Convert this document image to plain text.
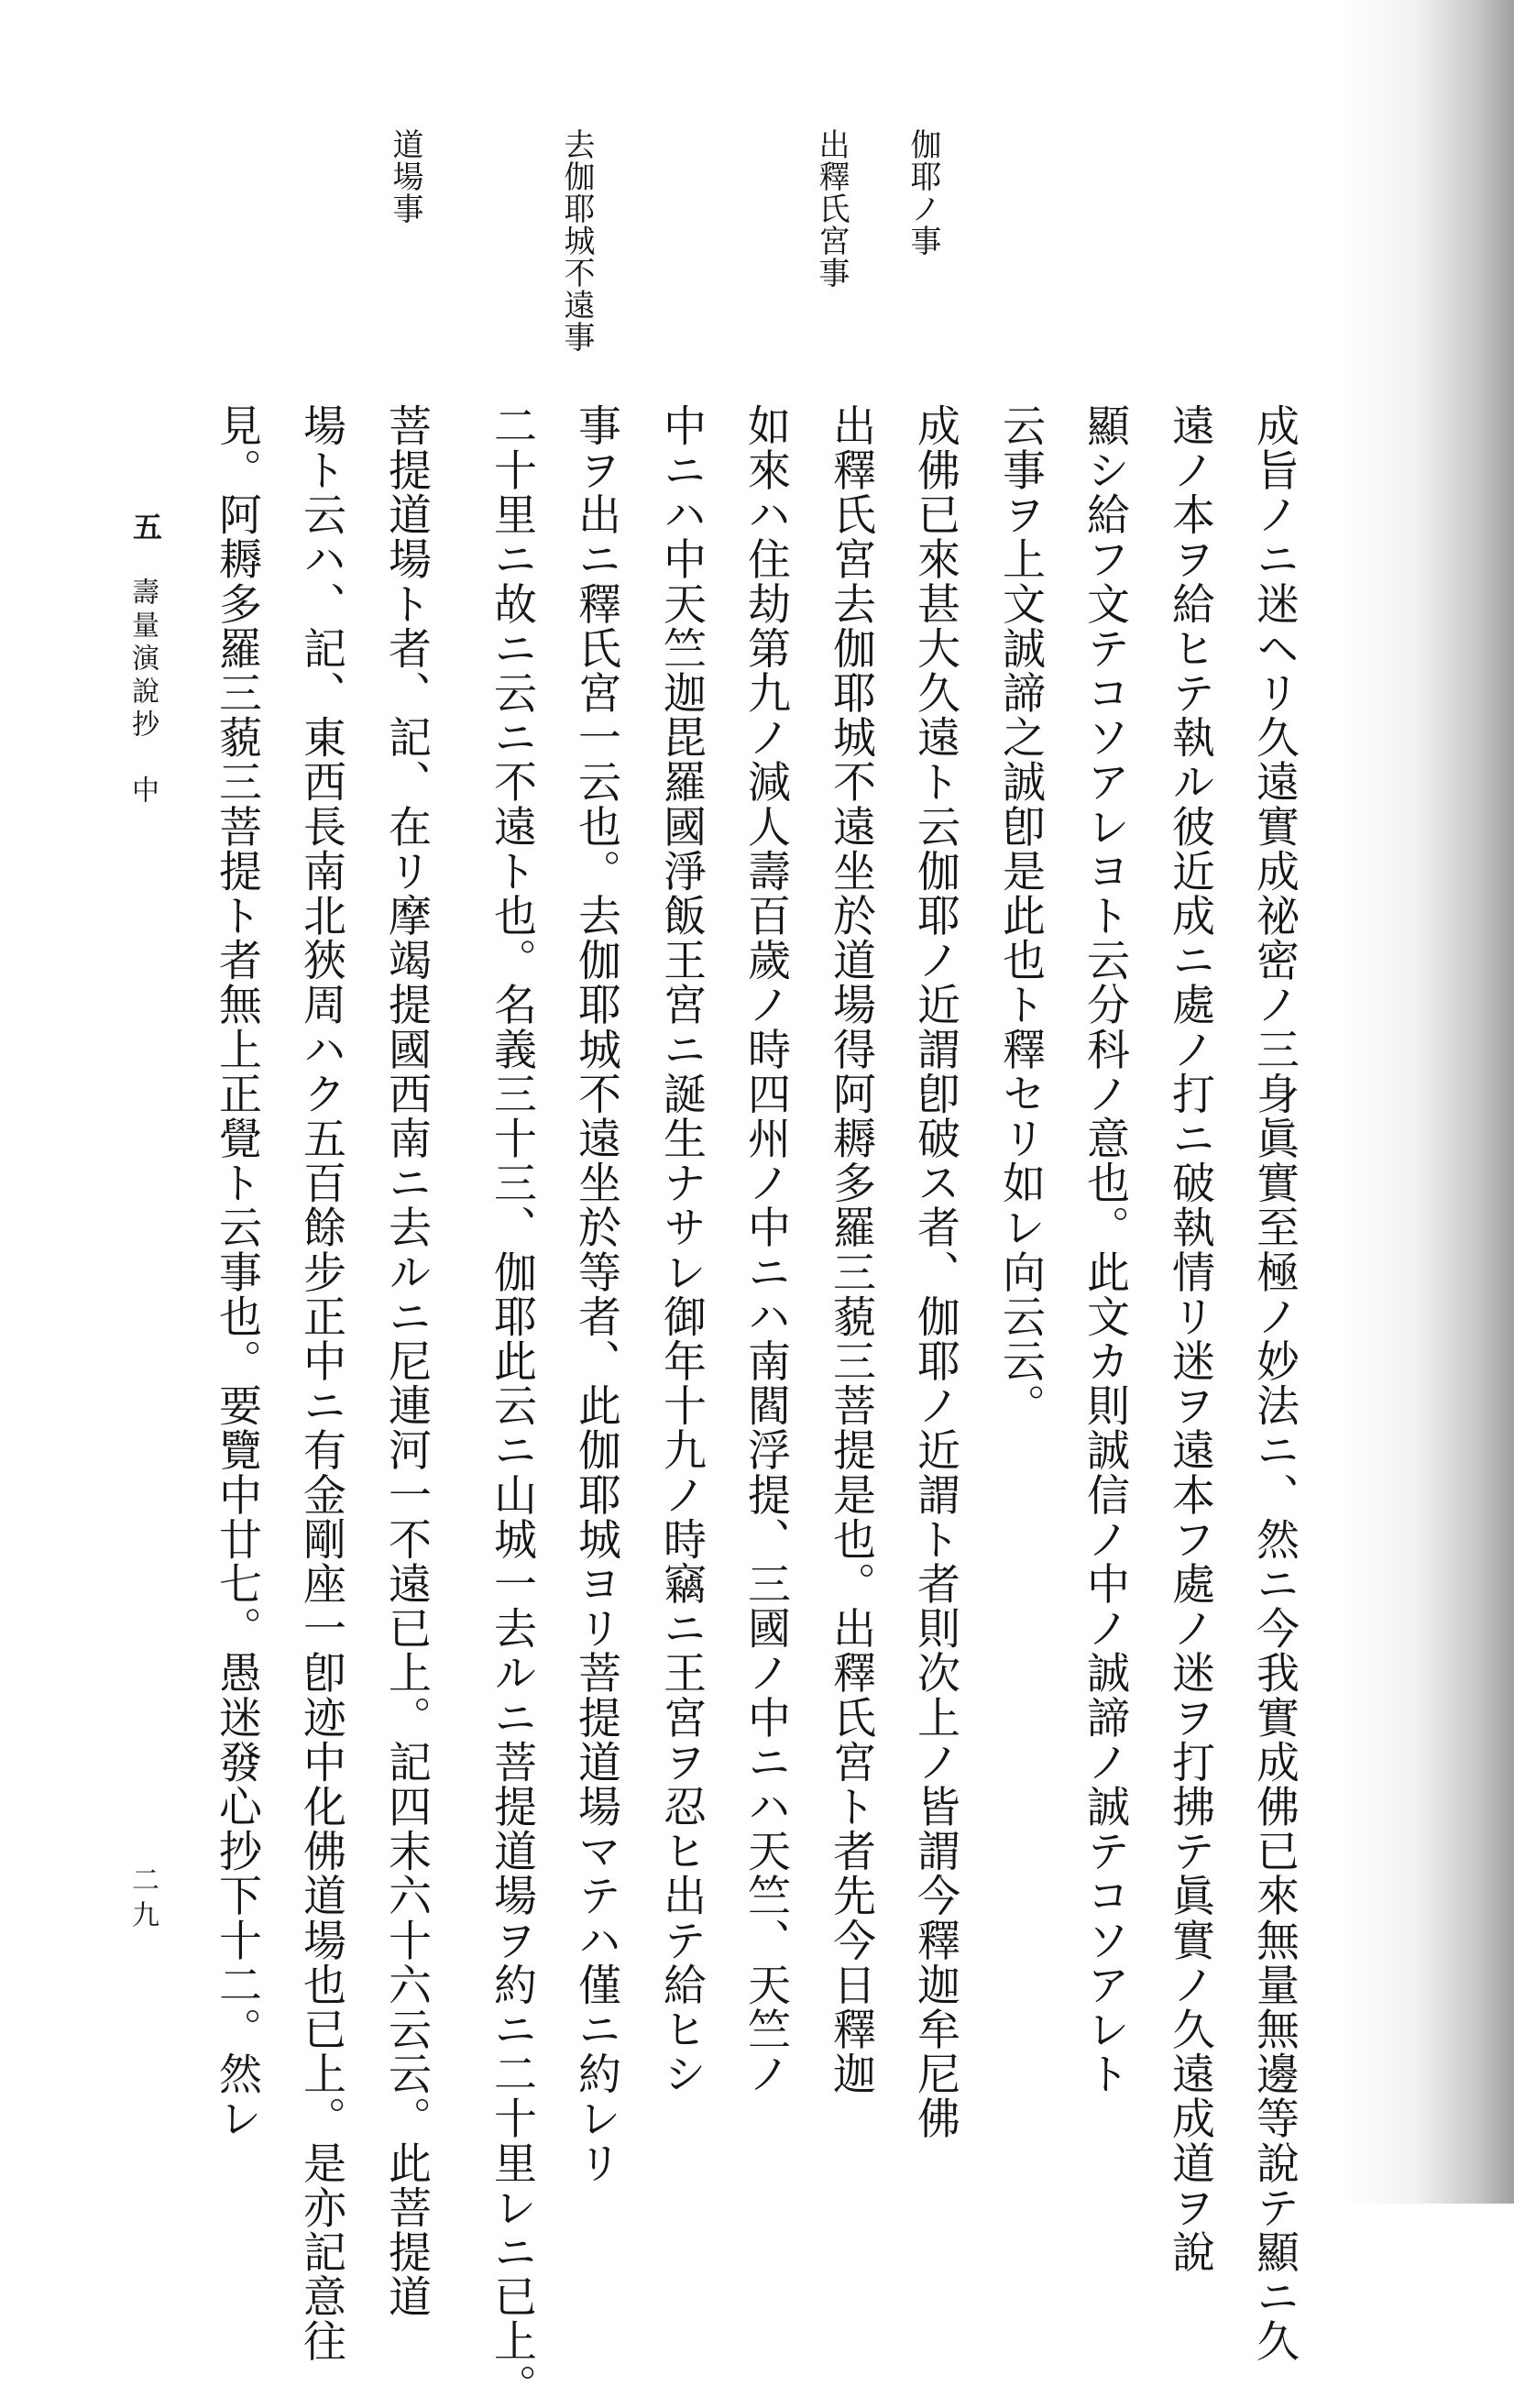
伽耶ノ事
出釋氏宮事
去伽耶城不遠事
道場事
成旨ノニ迷ヘリ久遠實成祕密ノ三身眞實至極ノ妙法ニ、然ニ今我實成佛已來無量無邊等說テ顯ニ久
遠ノ本ヲ給ヒテ執ル彼近成ニ處ノ打ニ破執情リ迷ヲ遠本フ處ノ迷ヲ打拂テ眞實ノ久遠成道ヲ說
顯シ給フ文テコソアレヨト云分科ノ意也。此文カ則誠信ノ中ノ誠諦ノ誠テコソアレト
云事ヲ上文誠諦之誠卽是此也ト釋セリ如レ向云云。
成佛已來甚大久遠ト云伽耶ノ近謂卽破ス者、伽耶ノ近謂ト者則次上ノ皆謂今釋迦牟尼佛
出釋氏宮去伽耶城不遠坐於道場得阿耨多羅三藐三菩提是也。出釋氏宮ト者先今日釋迦
如來ハ住劫第九ノ減人壽百歲ノ時四州ノ中ニハ南閻浮提、三國ノ中ニハ天竺、天竺ノ
中ニハ中天竺迦毘羅國淨飯王宮ニ誕生ナサレ御年十九ノ時竊ニ王宮ヲ忍ヒ出テ給ヒシ
事ヲ出ニ釋氏宮一云也。去伽耶城不遠坐於等者、此伽耶城ヨリ菩提道場マテハ僅ニ約レリ
二十里ニ故ニ云ニ不遠ト也。名義三十三、伽耶此云ニ山城一去ルニ菩提道場ヲ約ニ二十里レニ已上。
菩提道場ト者、記、在リ摩竭提國西南ニ去ルニ尼連河一不遠已上。記四末六十六云云。此菩提道
場ト云ハ、記、東西長南北狹周ハク五百餘步正中ニ有金剛座一卽迹中化佛道場也已上。是亦記意往
見。阿耨多羅三藐三菩提ト者無上正覺ト云事也。要覽中廿七。愚迷發心抄下十二。然レ
五
壽量演說抄　中
二九
